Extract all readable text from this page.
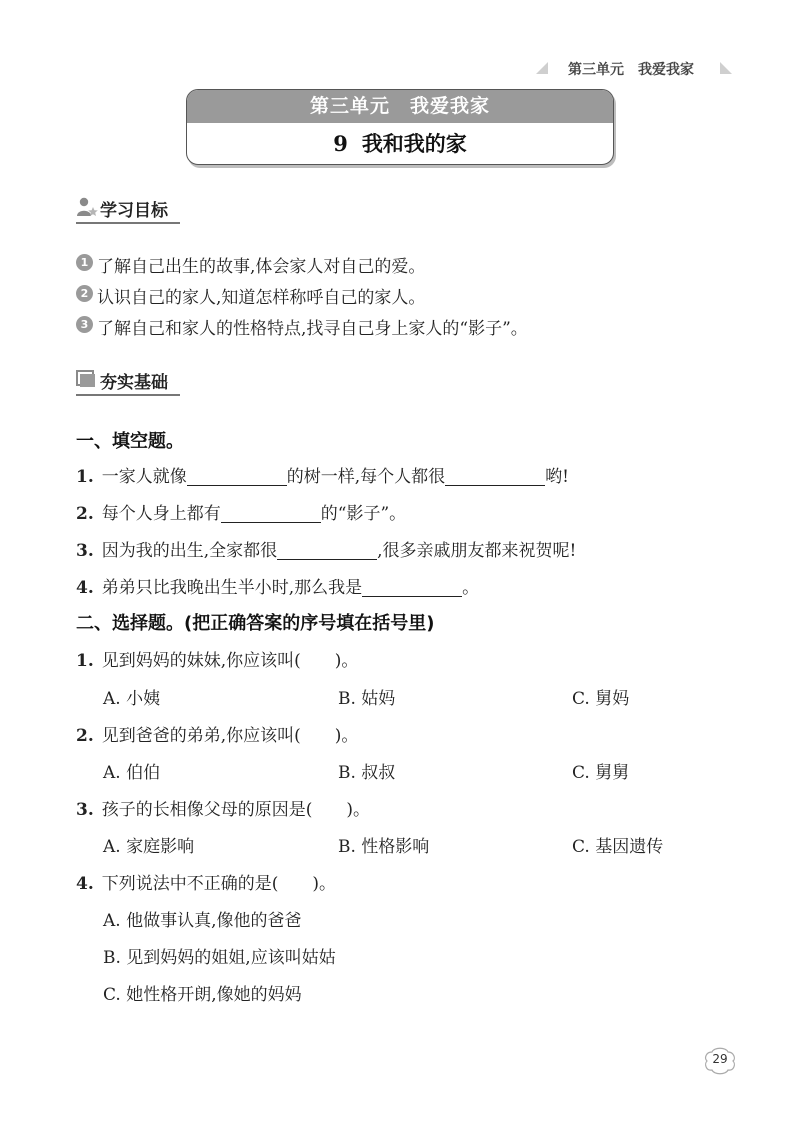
第三单元　我爱我家
第三单元　我爱我家
9 我和我的家
学习目标
1 了解自己出生的故事,体会家人对自己的爱。
2 认识自己的家人,知道怎样称呼自己的家人。
3 了解自己和家人的性格特点,找寻自己身上家人的“影子”。
夯实基础
一、填空题。
1. 一家人就像	的树一样,每个人都很	哟!
2. 每个人身上都有	的“影子”。
3. 因为我的出生,全家都很	,很多亲戚朋友都来祝贺呢!
4. 弟弟只比我晚出生半小时,那么我是	。
二、选择题。(把正确答案的序号填在括号里)
1. 见到妈妈的妹妹,你应该叫(　　)。
A. 小姨	B. 姑妈	C. 舅妈
2. 见到爸爸的弟弟,你应该叫(　　)。
A. 伯伯	B. 叔叔	C. 舅舅
3. 孩子的长相像父母的原因是(　　)。
A. 家庭影响	B. 性格影响	C. 基因遗传
4. 下列说法中不正确的是(　　)。
A. 他做事认真,像他的爸爸
B. 见到妈妈的姐姐,应该叫姑姑
C. 她性格开朗,像她的妈妈
29
